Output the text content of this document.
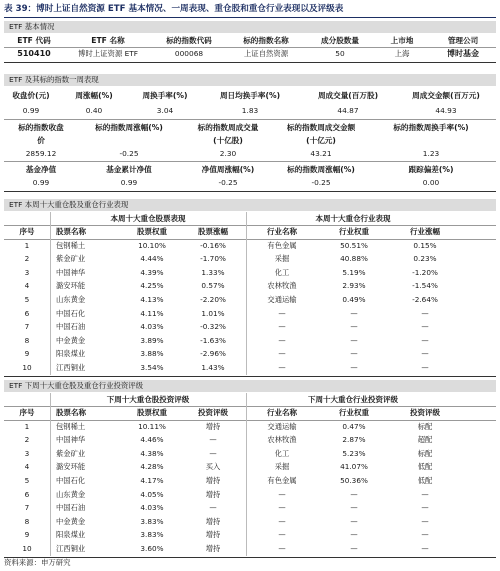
表 39：博时上证自然资源 ETF 基本情况、一周表现、重仓股和重仓行业表现以及评级表
ETF 基本情况
ETF 代码	ETF 名称	标的指数代码	标的指数名称	成分股数量	上市地	管理公司
510410	博时上证资源 ETF	000068	上证自然资源	50	上海	博时基金
ETF 及其标的指数一周表现
收盘价(元)	周涨幅(%)	周换手率(%)	周日均换手率(%)	周成交量(百万股)	周成交金额(百万元)
0.99	0.40	3.04	1.83	44.87	44.93
标的指数收盘	标的指数周涨幅(%)	标的指数周成交量	标的指数周成交金额	标的指数周换手率(%)
价	(十亿股)	(十亿元)
2859.12	-0.25	2.30	43.21	1.23
基金净值	基金累计净值	净值周涨幅(%)	标的指数周涨幅(%)	跟踪偏差(%)
0.99	0.99	-0.25	-0.25	0.00
ETF 本周十大重仓股及重仓行业表现
本周十大重仓股票表现	本周十大重仓行业表现
序号	股票名称	股票权重	股票涨幅	行业名称	行业权重	行业涨幅
1	包钢稀土	10.10%	-0.16%	有色金属	50.51%	0.15%
2	紫金矿业	4.44%	-1.70%	采掘	40.88%	0.23%
3	中国神华	4.39%	1.33%	化工	5.19%	-1.20%
4	潞安环能	4.25%	0.57%	农林牧渔	2.93%	-1.54%
5	山东黄金	4.13%	-2.20%	交通运输	0.49%	-2.64%
6	中国石化	4.11%	1.01%	—	—	—
7	中国石油	4.03%	-0.32%	—	—	—
8	中金黄金	3.89%	-1.63%	—	—	—
9	阳泉煤业	3.88%	-2.96%	—	—	—
10	江西铜业	3.54%	1.43%	—	—	—
ETF 下周十大重仓股及重仓行业投资评级
下周十大重仓股投资评级	下周十大重仓行业投资评级
序号	股票名称	股票权重	投资评级	行业名称	行业权重	投资评级
1	包钢稀土	10.11%	增持	交通运输	0.47%	标配
2	中国神华	4.46%	—	农林牧渔	2.87%	超配
3	紫金矿业	4.38%	—	化工	5.23%	标配
4	潞安环能	4.28%	买入	采掘	41.07%	低配
5	中国石化	4.17%	增持	有色金属	50.36%	低配
6	山东黄金	4.05%	增持	—	—	—
7	中国石油	4.03%	—	—	—	—
8	中金黄金	3.83%	增持	—	—	—
9	阳泉煤业	3.83%	增持	—	—	—
10	江西铜业	3.60%	增持	—	—	—
资料来源：申万研究
